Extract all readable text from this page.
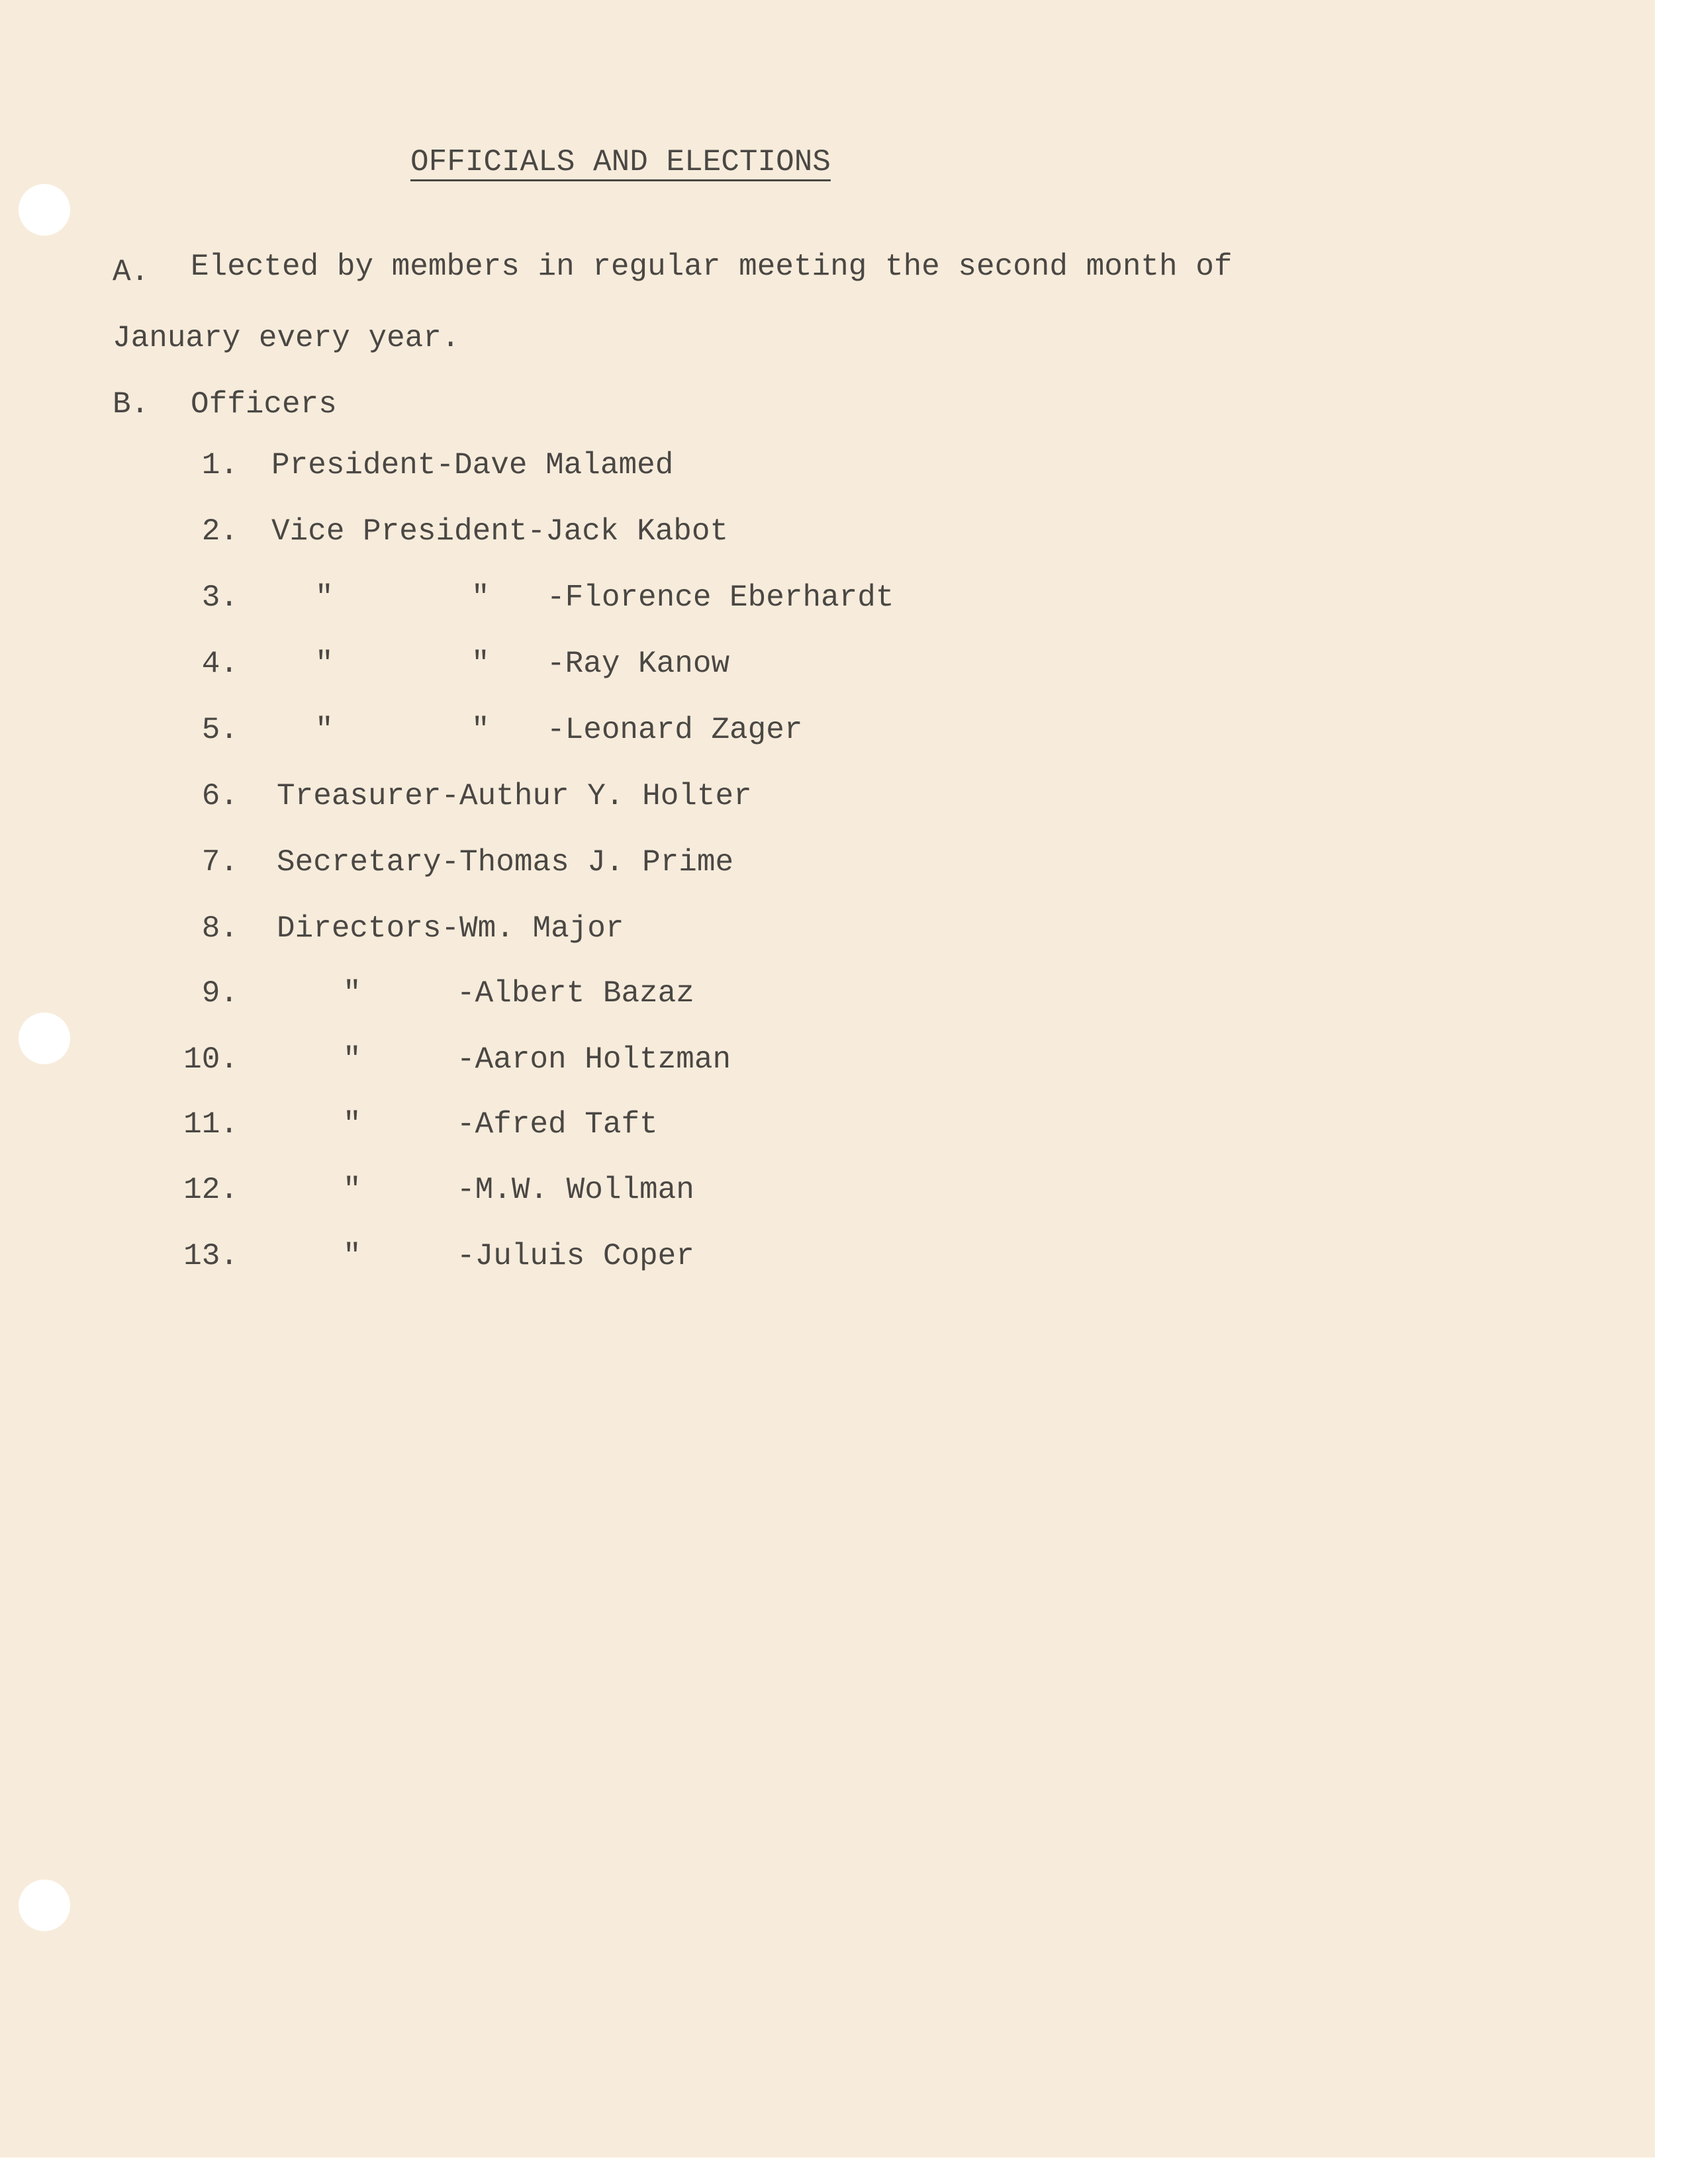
OFFICIALS AND ELECTIONS
A. Elected by members in regular meeting the second month of
January every year.
B. Officers
1. President-Dave Malamed
2. Vice President-Jack Kabot
3.	"	" -Florence Eberhardt
4.	"	" -Ray Kanow
5.	"	" -Leonard Zager
6. Treasurer-Authur Y. Holter
7. Secretary-Thomas J. Prime
8. Directors-Wm. Major
9.	"	-Albert Bazaz
10.	"	-Aaron Holtzman
11.	"	-Afred Taft
12.	"	-M.W. Wollman
13.	"	-Juluis Coper
